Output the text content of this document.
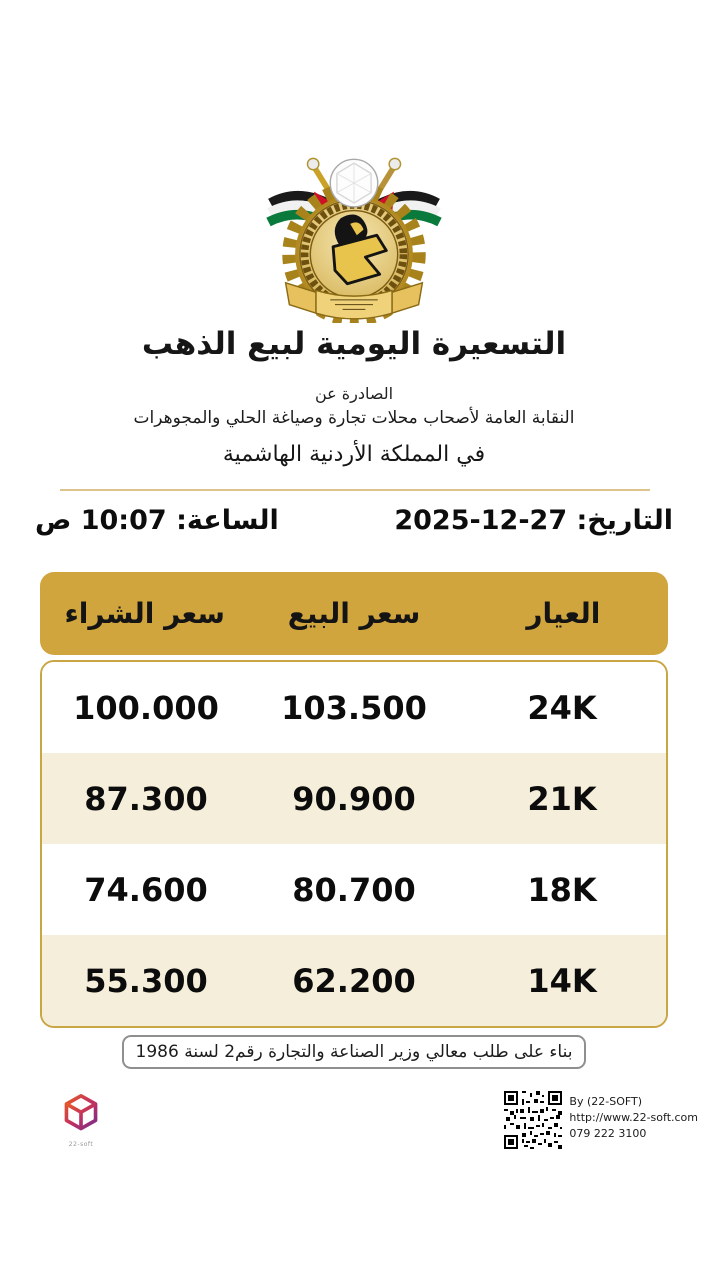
التسعيرة اليومية لبيع الذهب
الصادرة عن
النقابة العامة لأصحاب محلات تجارة وصياغة الحلي والمجوهرات
في المملكة الأردنية الهاشمية
التاريخ: 27-12-2025
الساعة: 10:07 ص
العيار
سعر البيع
سعر الشراء
24K
103.500
100.000
21K
90.900
87.300
18K
80.700
74.600
14K
62.200
55.300
بناء على طلب معالي وزير الصناعة والتجارة رقم2 لسنة 1986
22-soft
By (22-SOFT)
http://www.22-soft.com
079 222 3100
